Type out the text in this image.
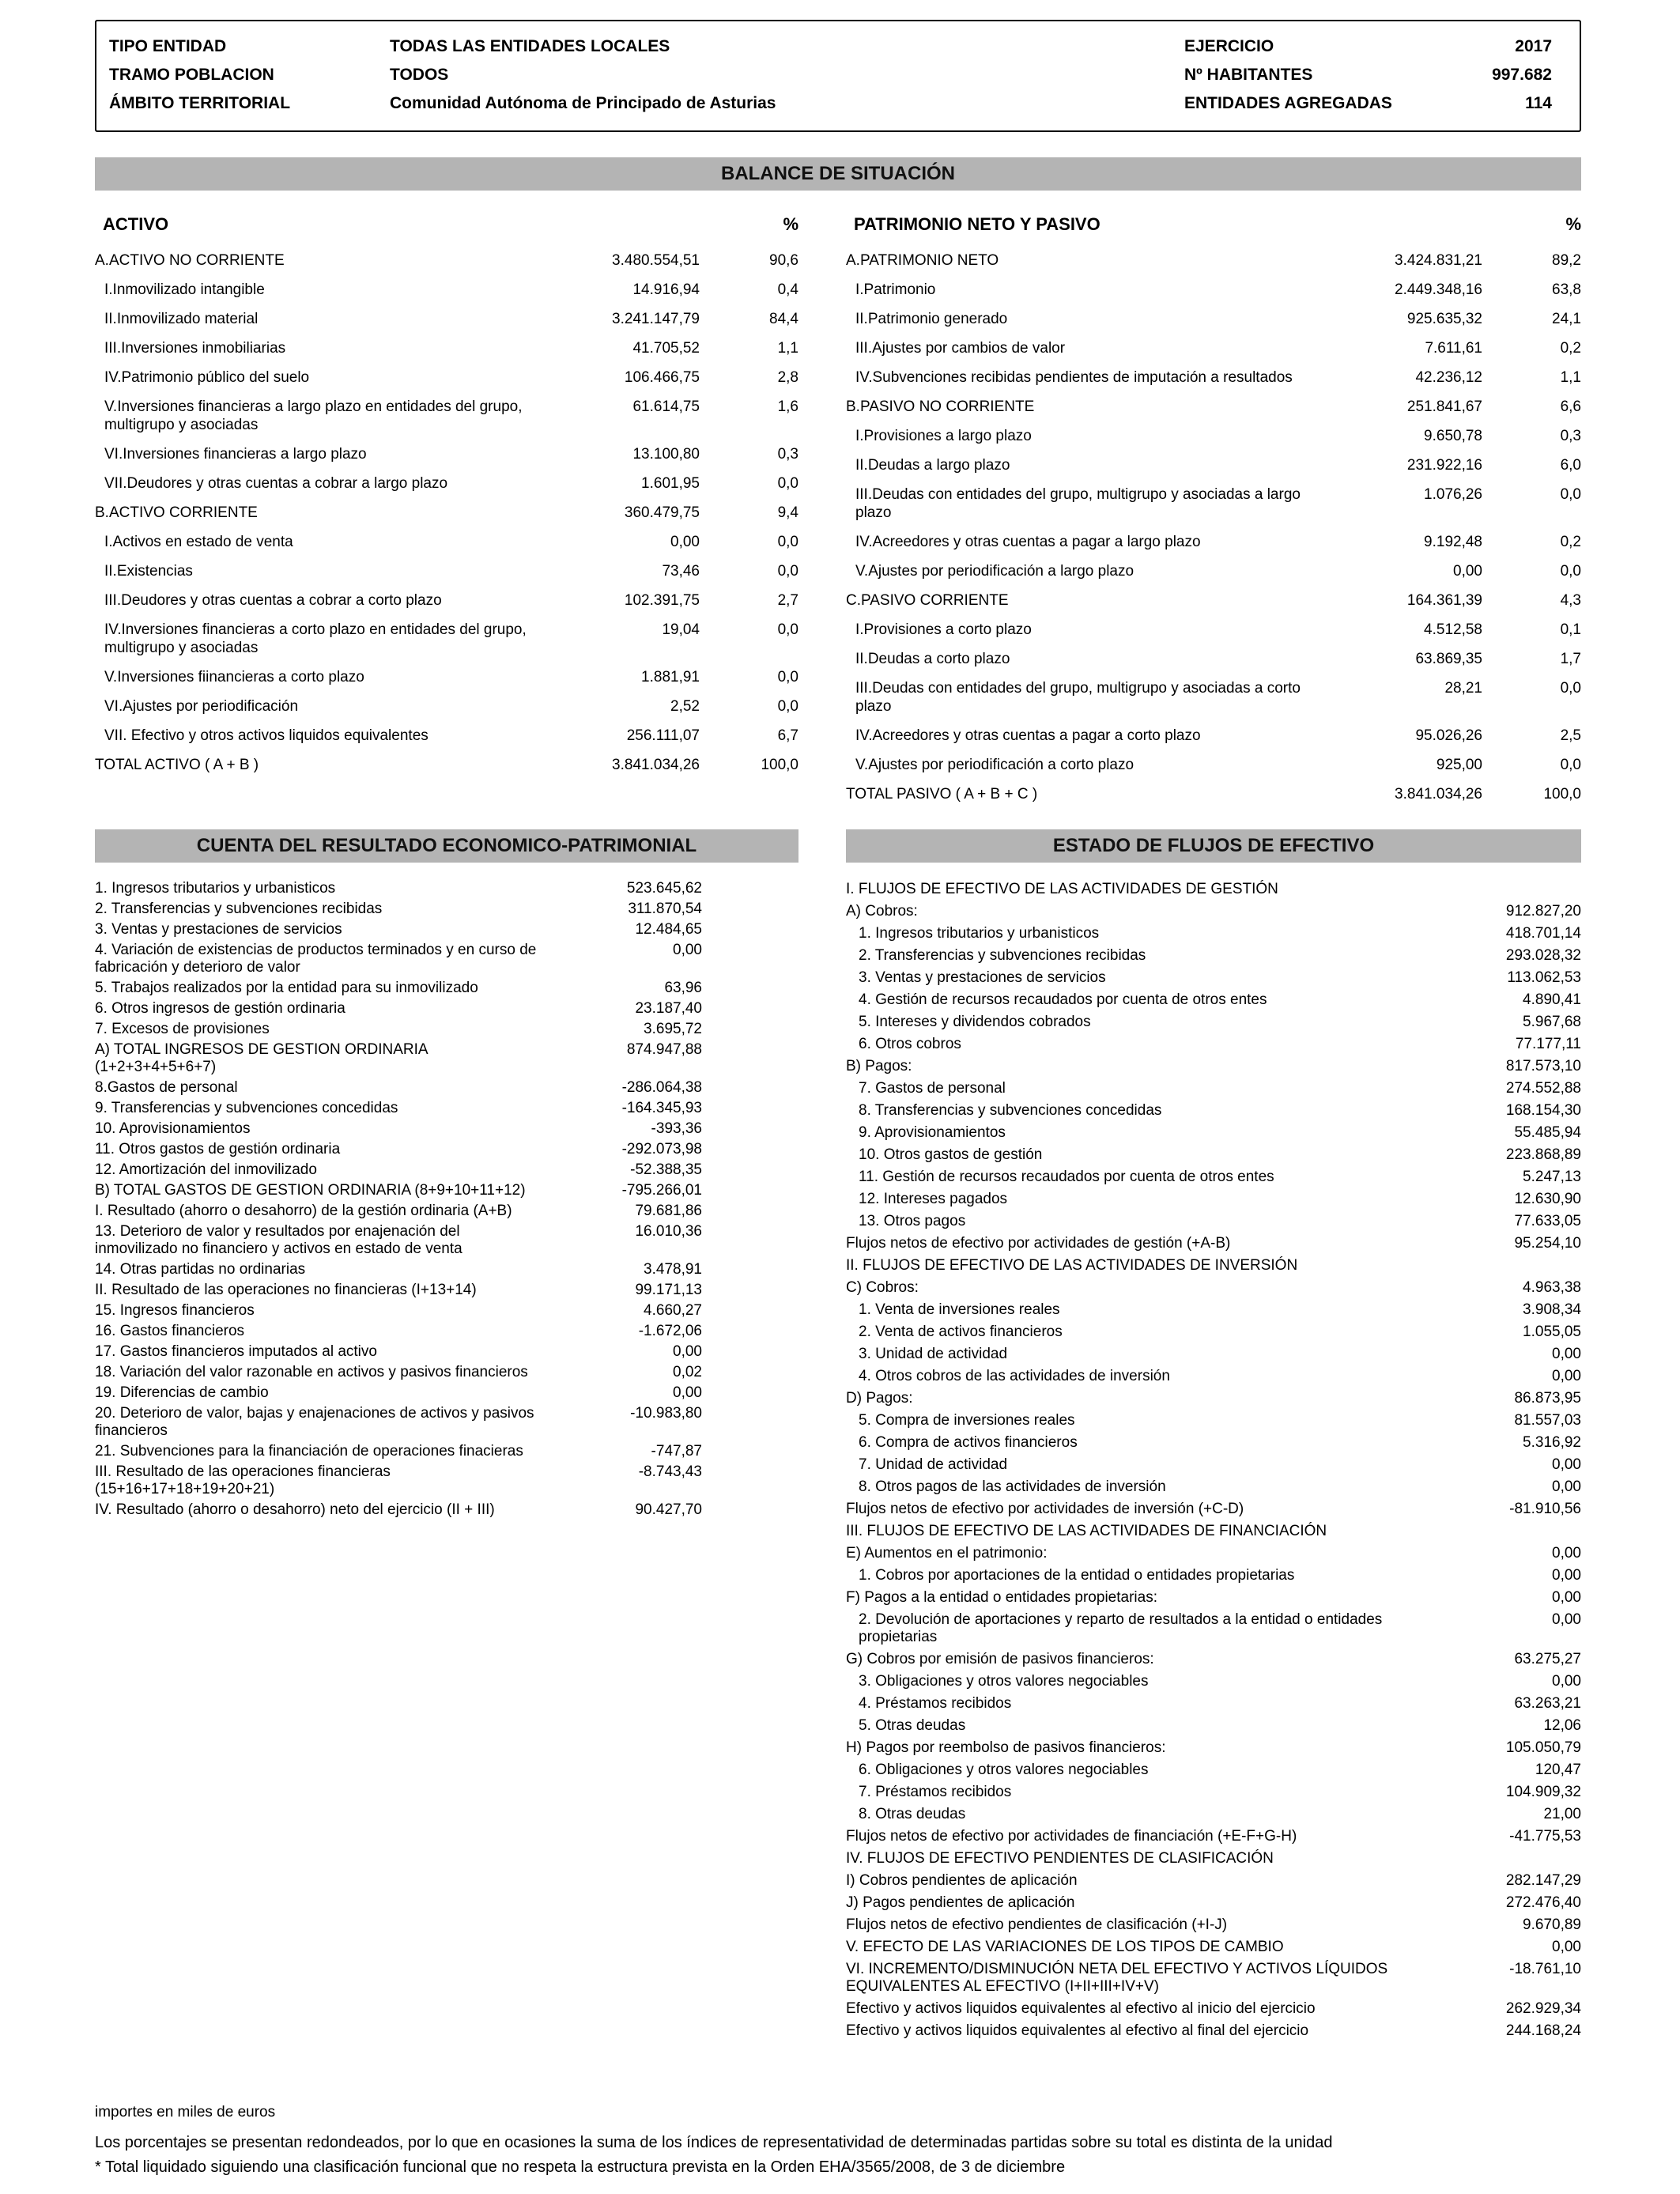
TIPO ENTIDAD	TODAS LAS ENTIDADES LOCALES	EJERCICIO	2017
TRAMO POBLACION	TODOS	Nº HABITANTES	997.682
ÁMBITO TERRITORIAL	Comunidad Autónoma de Principado de Asturias	ENTIDADES AGREGADAS	114
BALANCE DE SITUACIÓN
ACTIVO	%
A.ACTIVO NO CORRIENTE	3.480.554,51	90,6
I.Inmovilizado intangible	14.916,94	0,4
II.Inmovilizado material	3.241.147,79	84,4
III.Inversiones inmobiliarias	41.705,52	1,1
IV.Patrimonio público del suelo	106.466,75	2,8
V.Inversiones financieras a largo plazo en entidades del grupo, multigrupo y asociadas
61.614,75	1,6
VI.Inversiones financieras a largo plazo	13.100,80	0,3
VII.Deudores y otras cuentas a cobrar a largo plazo	1.601,95	0,0
B.ACTIVO CORRIENTE	360.479,75	9,4
I.Activos en estado de venta	0,00	0,0
II.Existencias	73,46	0,0
III.Deudores y otras cuentas a cobrar a corto plazo	102.391,75	2,7
IV.Inversiones financieras a corto plazo en entidades del grupo, multigrupo y asociadas
19,04	0,0
V.Inversiones fiinancieras a corto plazo	1.881,91	0,0
VI.Ajustes por periodificación	2,52	0,0
VII. Efectivo y otros activos liquidos equivalentes	256.111,07	6,7
TOTAL ACTIVO ( A + B )	3.841.034,26	100,0
PATRIMONIO NETO Y PASIVO	%
A.PATRIMONIO NETO	3.424.831,21	89,2
I.Patrimonio	2.449.348,16	63,8
II.Patrimonio generado	925.635,32	24,1
III.Ajustes por cambios de valor	7.611,61	0,2
IV.Subvenciones recibidas pendientes de imputación a resultados	42.236,12	1,1
B.PASIVO NO CORRIENTE	251.841,67	6,6
I.Provisiones a largo plazo	9.650,78	0,3
II.Deudas a largo plazo	231.922,16	6,0
III.Deudas con entidades del grupo, multigrupo y asociadas a largo plazo
1.076,26	0,0
IV.Acreedores y otras cuentas a pagar a largo plazo	9.192,48	0,2
V.Ajustes por periodificación a largo plazo	0,00	0,0
C.PASIVO CORRIENTE	164.361,39	4,3
I.Provisiones a corto plazo	4.512,58	0,1
II.Deudas a corto plazo	63.869,35	1,7
III.Deudas con entidades del grupo, multigrupo y asociadas a corto plazo
28,21	0,0
IV.Acreedores y otras cuentas a pagar a corto plazo	95.026,26	2,5
V.Ajustes por periodificación a corto plazo	925,00	0,0
TOTAL PASIVO ( A + B + C )	3.841.034,26	100,0
CUENTA DEL RESULTADO ECONOMICO-PATRIMONIAL
1. Ingresos tributarios y urbanisticos	523.645,62
2. Transferencias y subvenciones recibidas	311.870,54
3. Ventas y prestaciones de servicios	12.484,65
4. Variación de existencias de productos terminados y en curso de fabricación y deterioro de valor
0,00
5. Trabajos realizados por la entidad para su inmovilizado	63,96
6. Otros ingresos de gestión ordinaria	23.187,40
7. Excesos de provisiones	3.695,72
A) TOTAL INGRESOS DE GESTION ORDINARIA (1+2+3+4+5+6+7)
874.947,88
8.Gastos de personal	-286.064,38
9. Transferencias y subvenciones concedidas	-164.345,93
10. Aprovisionamientos	-393,36
11. Otros gastos de gestión ordinaria	-292.073,98
12. Amortización del inmovilizado	-52.388,35
B) TOTAL GASTOS DE GESTION ORDINARIA (8+9+10+11+12)	-795.266,01
I. Resultado (ahorro o desahorro) de la gestión ordinaria (A+B)	79.681,86
13. Deterioro de valor y resultados por enajenación del inmovilizado no financiero y activos en estado de venta
16.010,36
14. Otras partidas no ordinarias	3.478,91
II. Resultado de las operaciones no financieras (I+13+14)	99.171,13
15. Ingresos financieros	4.660,27
16. Gastos financieros	-1.672,06
17. Gastos financieros imputados al activo	0,00
18. Variación del valor razonable en activos y pasivos financieros	0,02
19. Diferencias de cambio	0,00
20. Deterioro de valor, bajas y enajenaciones de activos y pasivos financieros
-10.983,80
21. Subvenciones para la financiación de operaciones finacieras	-747,87
III. Resultado de las operaciones financieras (15+16+17+18+19+20+21)
-8.743,43
IV. Resultado (ahorro o desahorro) neto del ejercicio (II + III)	90.427,70
ESTADO DE FLUJOS DE EFECTIVO
I. FLUJOS DE EFECTIVO DE LAS ACTIVIDADES DE GESTIÓN
A) Cobros:	912.827,20
1. Ingresos tributarios y urbanisticos	418.701,14
2. Transferencias y subvenciones recibidas	293.028,32
3. Ventas y prestaciones de servicios	113.062,53
4. Gestión de recursos recaudados por cuenta de otros entes	4.890,41
5. Intereses y dividendos cobrados	5.967,68
6. Otros cobros	77.177,11
B) Pagos:	817.573,10
7. Gastos de personal	274.552,88
8. Transferencias y subvenciones concedidas	168.154,30
9. Aprovisionamientos	55.485,94
10. Otros gastos de gestión	223.868,89
11. Gestión de recursos recaudados por cuenta de otros entes	5.247,13
12. Intereses pagados	12.630,90
13. Otros pagos	77.633,05
Flujos netos de efectivo por actividades de gestión (+A-B)	95.254,10
II. FLUJOS DE EFECTIVO DE LAS ACTIVIDADES DE INVERSIÓN
C) Cobros:	4.963,38
1. Venta de inversiones reales	3.908,34
2. Venta de activos financieros	1.055,05
3. Unidad de actividad	0,00
4. Otros cobros de las actividades de inversión	0,00
D) Pagos:	86.873,95
5. Compra de inversiones reales	81.557,03
6. Compra de activos financieros	5.316,92
7. Unidad de actividad	0,00
8. Otros pagos de las actividades de inversión	0,00
Flujos netos de efectivo por actividades de inversión (+C-D)	-81.910,56
III. FLUJOS DE EFECTIVO DE LAS ACTIVIDADES DE FINANCIACIÓN
E) Aumentos en el patrimonio:	0,00
1. Cobros por aportaciones de la entidad o entidades propietarias	0,00
F) Pagos a la entidad o entidades propietarias:	0,00
2. Devolución de aportaciones y reparto de resultados a la entidad o entidades propietarias
0,00
G) Cobros por emisión de pasivos financieros:	63.275,27
3. Obligaciones y otros valores negociables	0,00
4. Préstamos recibidos	63.263,21
5. Otras deudas	12,06
H) Pagos por reembolso de pasivos financieros:	105.050,79
6. Obligaciones y otros valores negociables	120,47
7. Préstamos recibidos	104.909,32
8. Otras deudas	21,00
Flujos netos de efectivo por actividades de financiación (+E-F+G-H)	-41.775,53
IV. FLUJOS DE EFECTIVO PENDIENTES DE CLASIFICACIÓN
I) Cobros pendientes de aplicación	282.147,29
J) Pagos pendientes de aplicación	272.476,40
Flujos netos de efectivo pendientes de clasificación (+I-J)	9.670,89
V. EFECTO DE LAS VARIACIONES DE LOS TIPOS DE CAMBIO	0,00
VI. INCREMENTO/DISMINUCIÓN NETA DEL EFECTIVO Y ACTIVOS LÍQUIDOS EQUIVALENTES AL EFECTIVO (I+II+III+IV+V)
-18.761,10
Efectivo y activos liquidos equivalentes al efectivo al inicio del ejercicio	262.929,34
Efectivo y activos liquidos equivalentes al efectivo al final del ejercicio	244.168,24
importes en miles de euros
Los porcentajes se presentan redondeados, por lo que en ocasiones la suma de los índices de representatividad de determinadas partidas sobre su total es distinta de la unidad
* Total liquidado siguiendo una clasificación funcional que no respeta la estructura prevista en la Orden EHA/3565/2008, de 3 de diciembre
